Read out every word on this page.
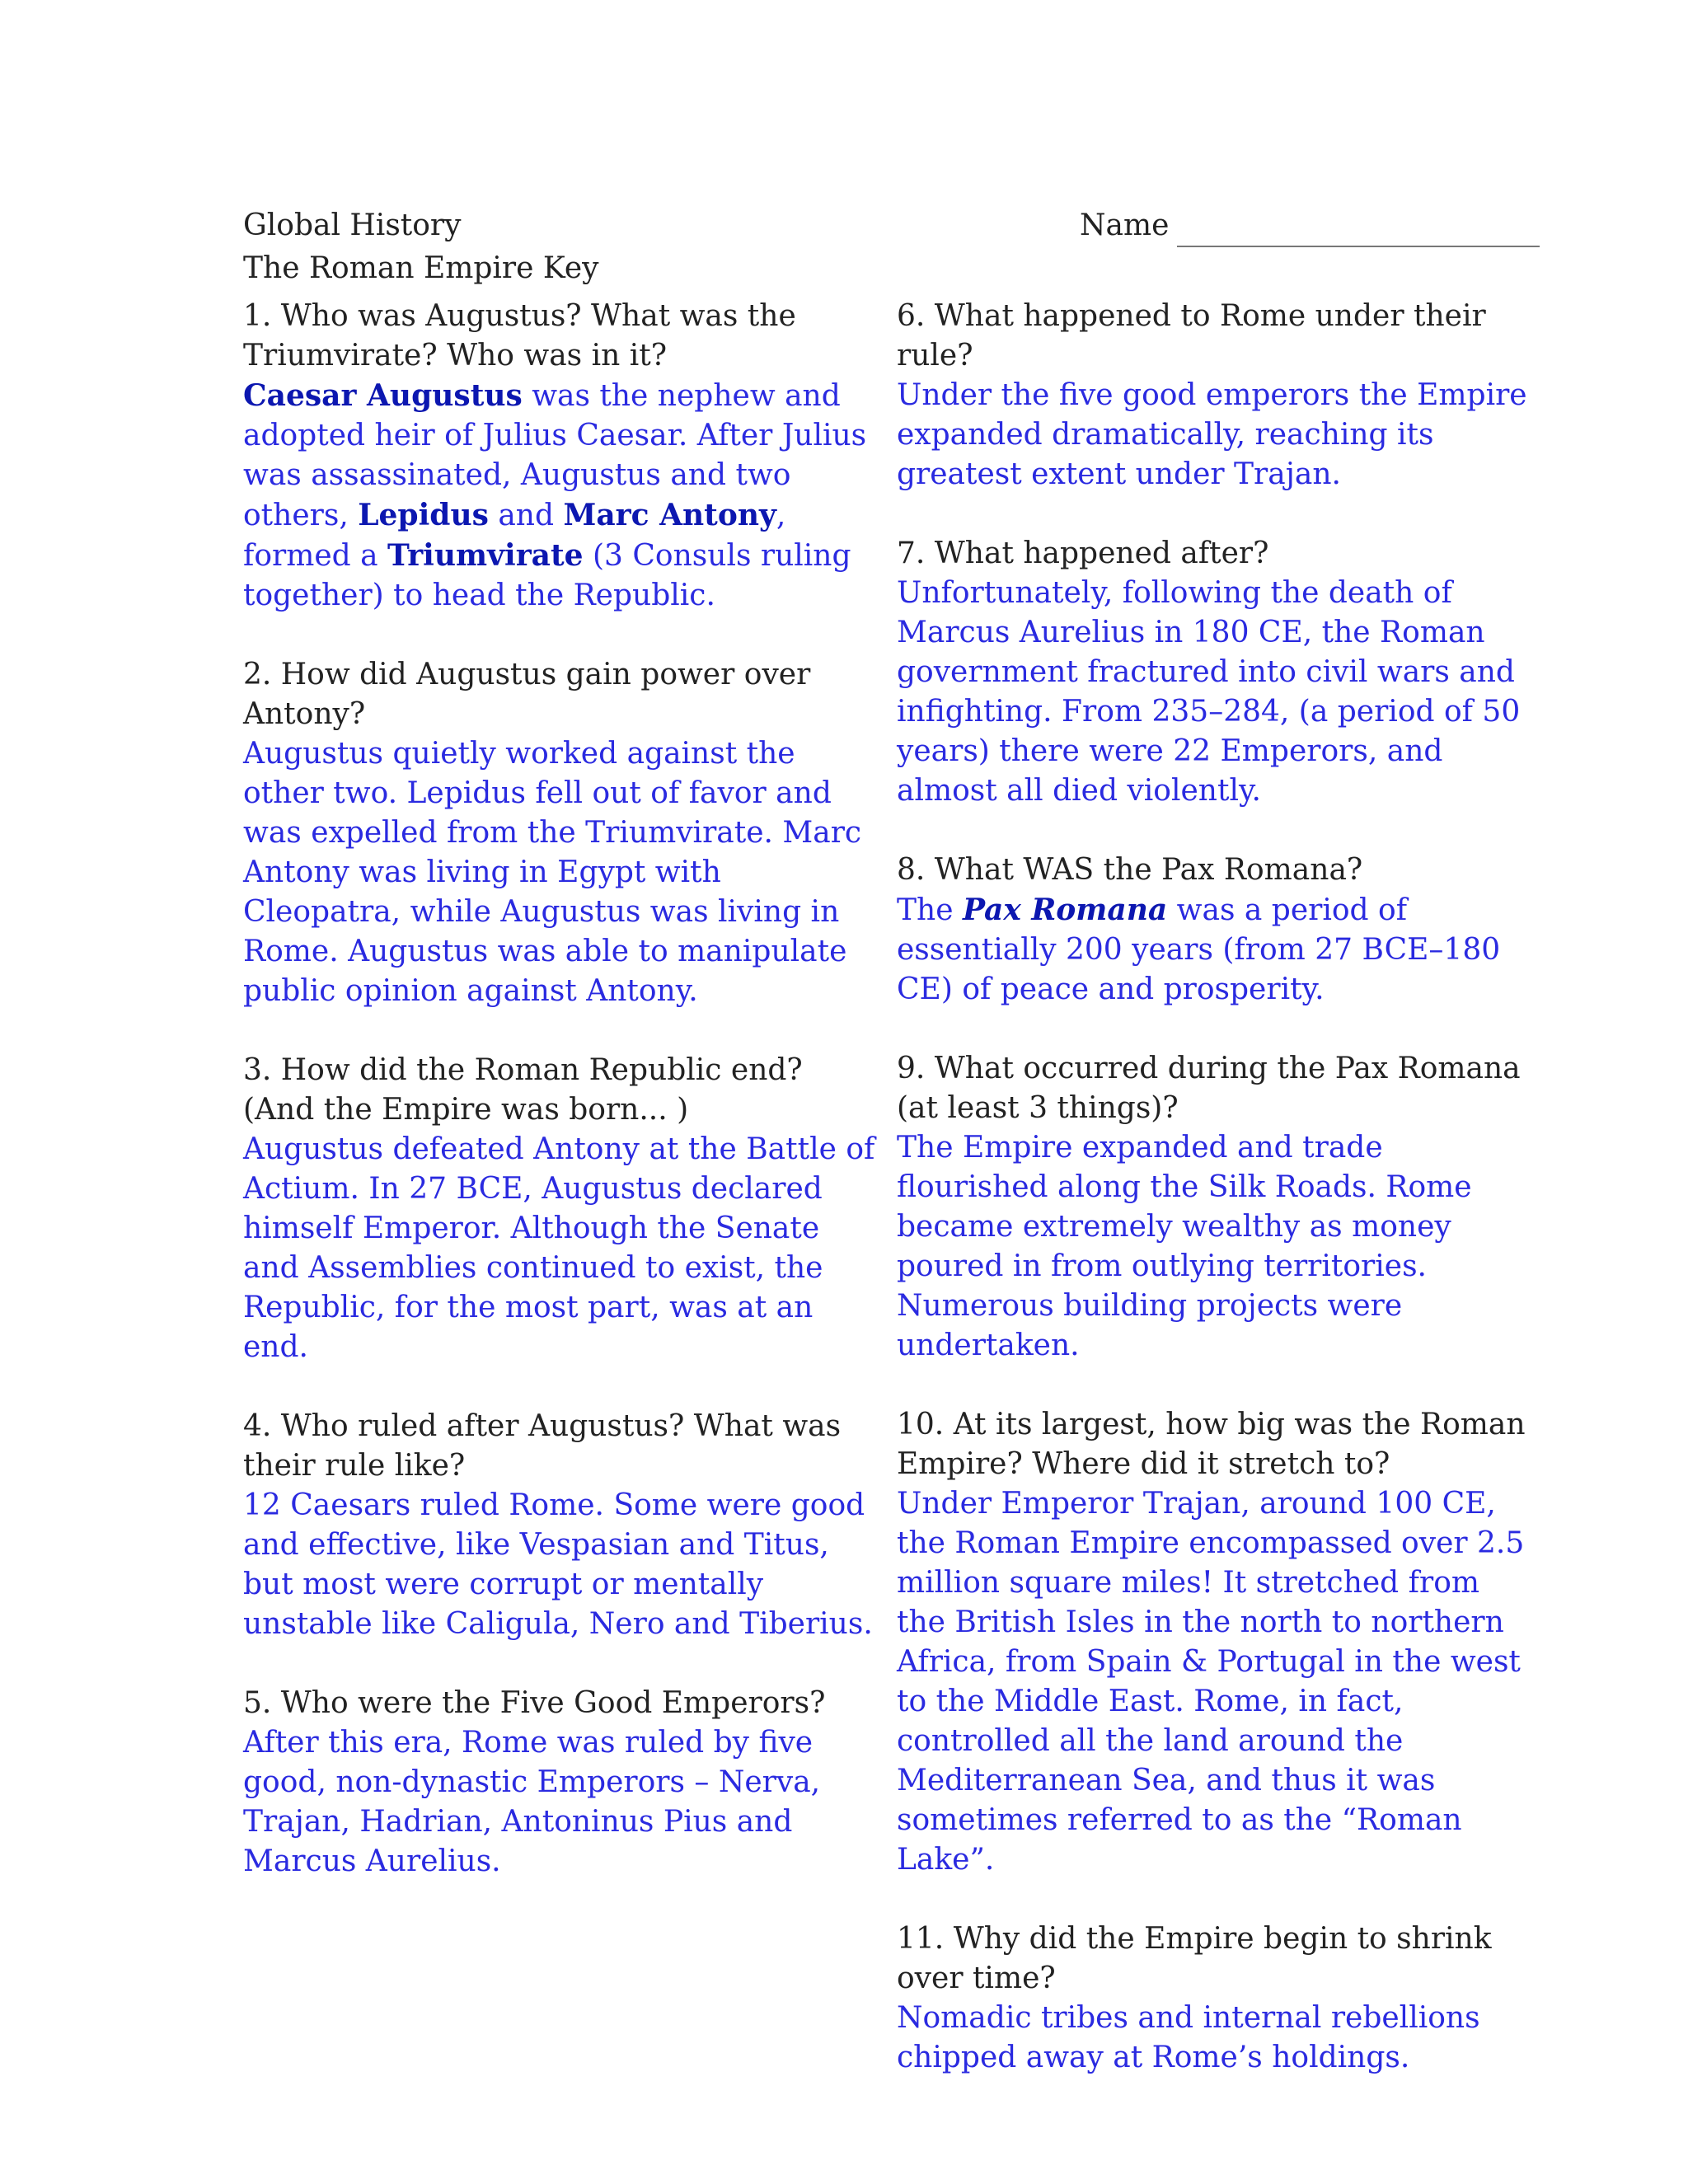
Global History
The Roman Empire Key
Name

1. Who was Augustus? What was the Triumvirate? Who was in it?

Caesar Augustus was the nephew and adopted heir of Julius Caesar. After Julius was assassinated, Augustus and two others, Lepidus and Marc Antony, formed a Triumvirate (3 Consuls ruling together) to head the Republic.

2. How did Augustus gain power over Antony?

Augustus quietly worked against the other two. Lepidus fell out of favor and was expelled from the Triumvirate. Marc Antony was living in Egypt with Cleopatra, while Augustus was living in Rome. Augustus was able to manipulate public opinion against Antony.

3. How did the Roman Republic end? (And the Empire was born... )

Augustus defeated Antony at the Battle of Actium. In 27 BCE, Augustus declared himself Emperor. Although the Senate and Assemblies continued to exist, the Republic, for the most part, was at an end.

4. Who ruled after Augustus? What was their rule like?

12 Caesars ruled Rome. Some were good and effective, like Vespasian and Titus, but most were corrupt or mentally unstable like Caligula, Nero and Tiberius.

5. Who were the Five Good Emperors?

After this era, Rome was ruled by five good, non-dynastic Emperors – Nerva, Trajan, Hadrian, Antoninus Pius and Marcus Aurelius.

6. What happened to Rome under their rule?

Under the five good emperors the Empire expanded dramatically, reaching its greatest extent under Trajan.

7. What happened after?

Unfortunately, following the death of Marcus Aurelius in 180 CE, the Roman government fractured into civil wars and infighting. From 235–284, (a period of 50 years) there were 22 Emperors, and almost all died violently.

8. What WAS the Pax Romana?

The Pax Romana was a period of essentially 200 years (from 27 BCE–180 CE) of peace and prosperity.

9. What occurred during the Pax Romana (at least 3 things)?

The Empire expanded and trade flourished along the Silk Roads. Rome became extremely wealthy as money poured in from outlying territories. Numerous building projects were undertaken.

10. At its largest, how big was the Roman Empire? Where did it stretch to?

Under Emperor Trajan, around 100 CE, the Roman Empire encompassed over 2.5 million square miles! It stretched from the British Isles in the north to northern Africa, from Spain & Portugal in the west to the Middle East. Rome, in fact, controlled all the land around the Mediterranean Sea, and thus it was sometimes referred to as the “Roman Lake”.

11. Why did the Empire begin to shrink over time?

Nomadic tribes and internal rebellions chipped away at Rome’s holdings.
